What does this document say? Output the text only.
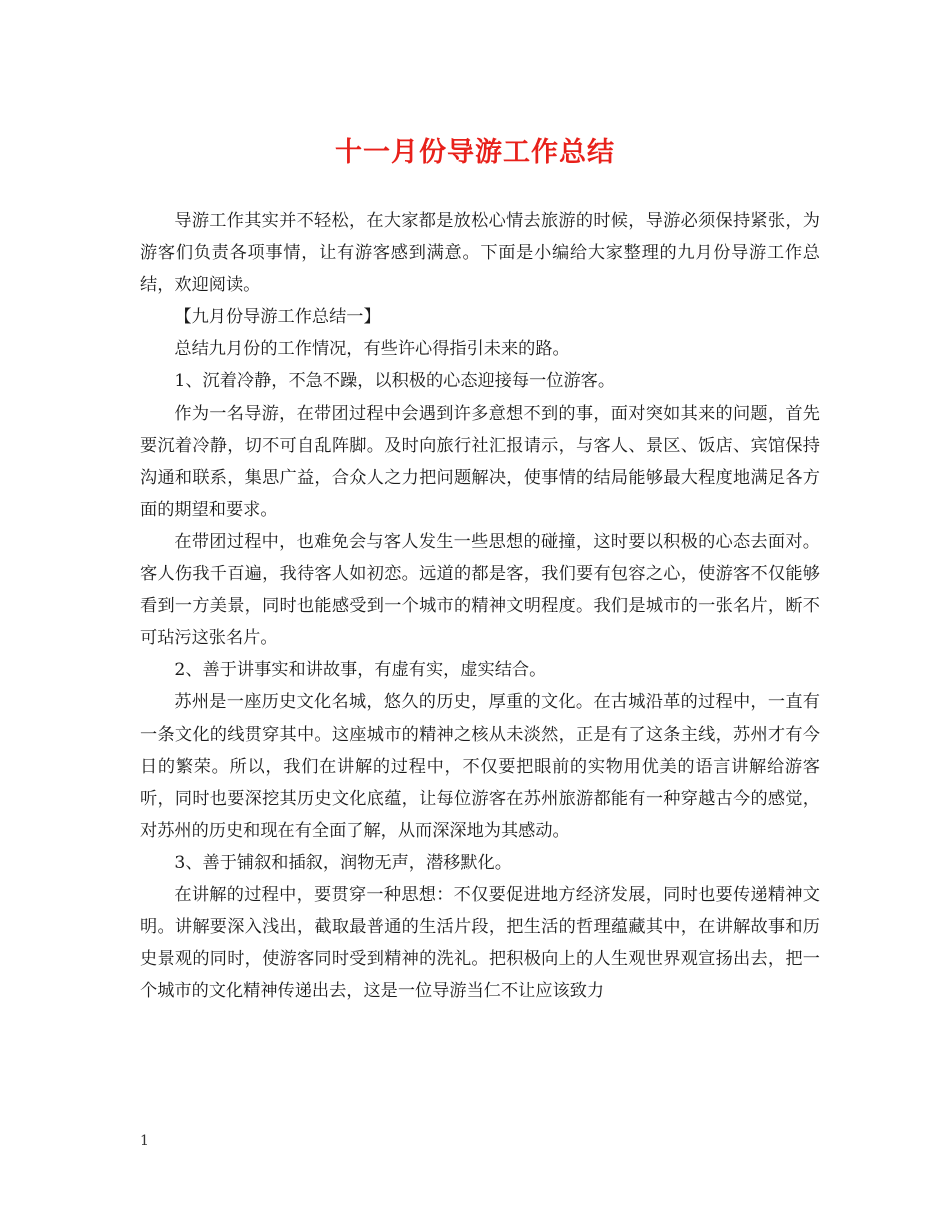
十一月份导游工作总结

导游工作其实并不轻松，在大家都是放松心情去旅游的时候，导游必须保持紧张，为游客们负责各项事情，让有游客感到满意。下面是小编给大家整理的九月份导游工作总结，欢迎阅读。

【九月份导游工作总结一】

总结九月份的工作情况，有些许心得指引未来的路。

1、沉着冷静，不急不躁，以积极的心态迎接每一位游客。

作为一名导游，在带团过程中会遇到许多意想不到的事，面对突如其来的问题，首先要沉着冷静，切不可自乱阵脚。及时向旅行社汇报请示，与客人、景区、饭店、宾馆保持沟通和联系，集思广益，合众人之力把问题解决，使事情的结局能够最大程度地满足各方面的期望和要求。

在带团过程中，也难免会与客人发生一些思想的碰撞，这时要以积极的心态去面对。客人伤我千百遍，我待客人如初恋。远道的都是客，我们要有包容之心，使游客不仅能够看到一方美景，同时也能感受到一个城市的精神文明程度。我们是城市的一张名片，断不可玷污这张名片。

2、善于讲事实和讲故事，有虚有实，虚实结合。

苏州是一座历史文化名城，悠久的历史，厚重的文化。在古城沿革的过程中，一直有一条文化的线贯穿其中。这座城市的精神之核从未淡然，正是有了这条主线，苏州才有今日的繁荣。所以，我们在讲解的过程中，不仅要把眼前的实物用优美的语言讲解给游客听，同时也要深挖其历史文化底蕴，让每位游客在苏州旅游都能有一种穿越古今的感觉，对苏州的历史和现在有全面了解，从而深深地为其感动。

3、善于铺叙和插叙，润物无声，潜移默化。

在讲解的过程中，要贯穿一种思想：不仅要促进地方经济发展，同时也要传递精神文明。讲解要深入浅出，截取最普通的生活片段，把生活的哲理蕴藏其中，在讲解故事和历史景观的同时，使游客同时受到精神的洗礼。把积极向上的人生观世界观宣扬出去，把一个城市的文化精神传递出去，这是一位导游当仁不让应该致力

1
